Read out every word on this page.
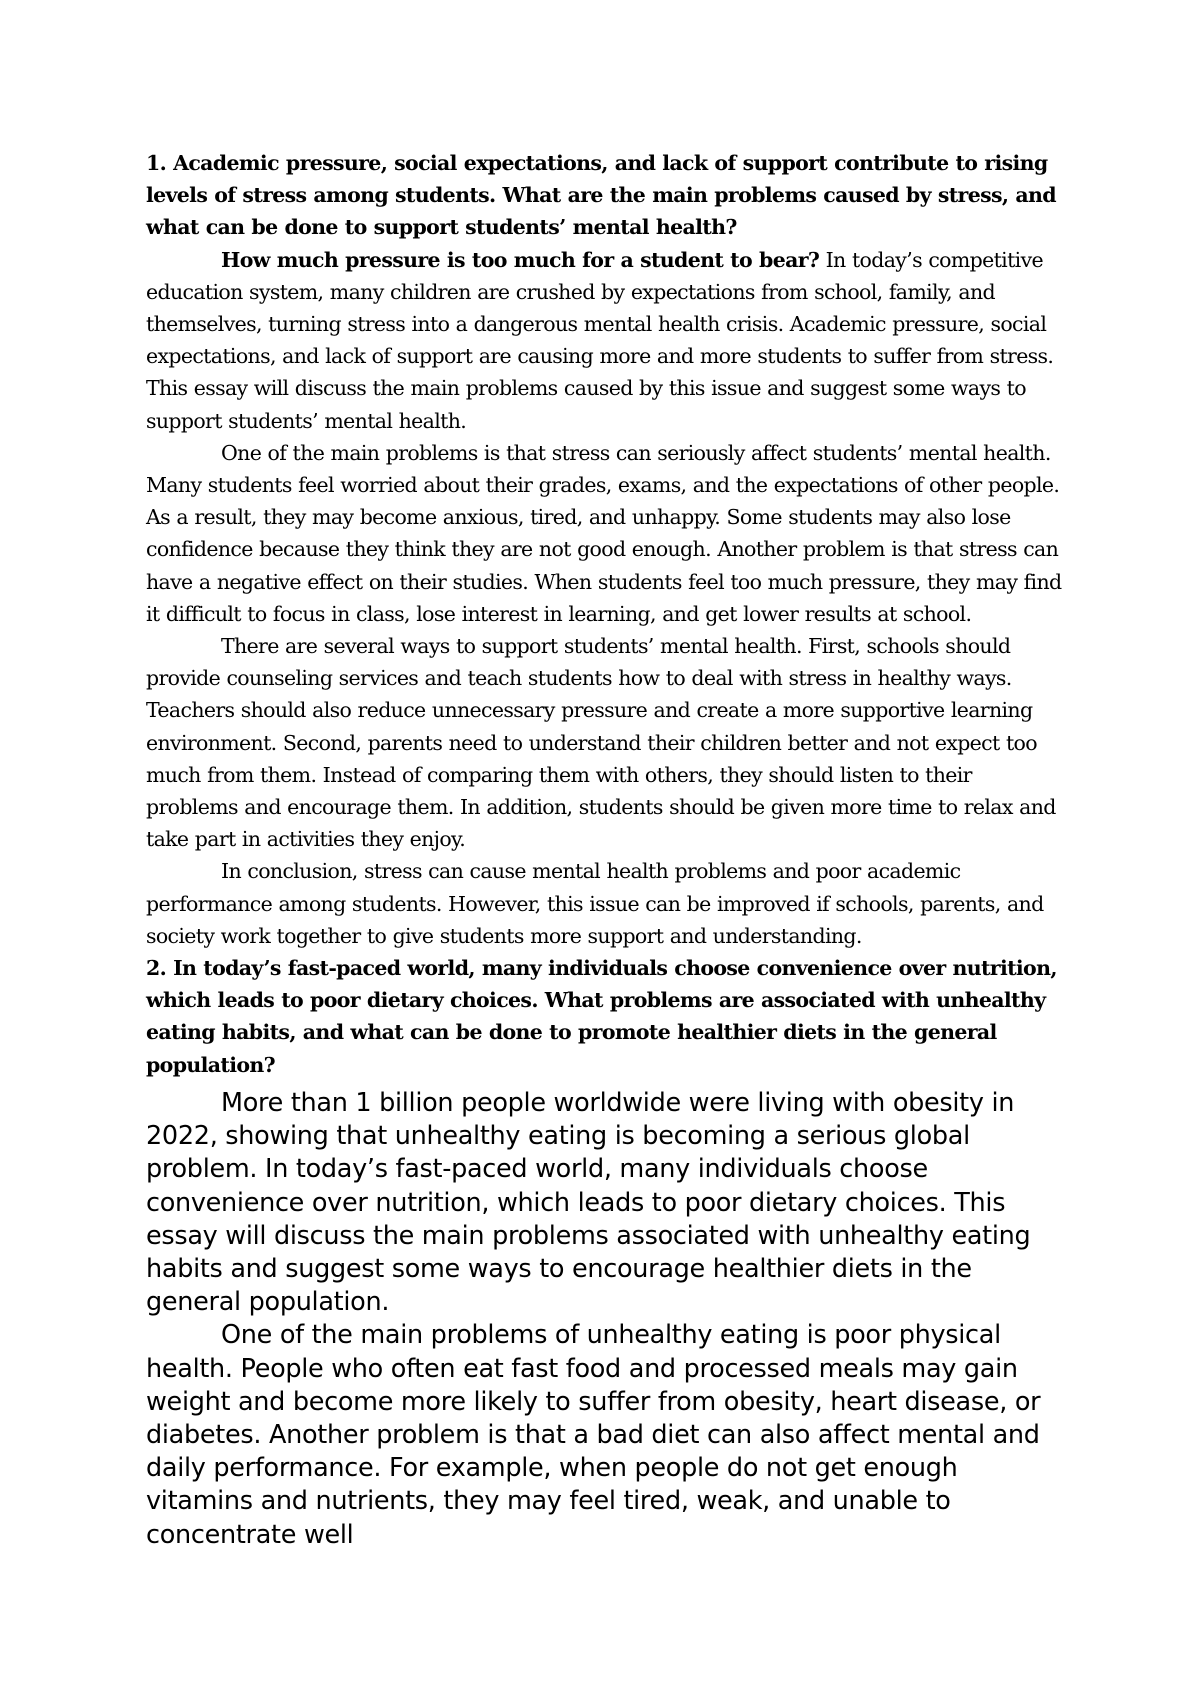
1. Academic pressure, social expectations, and lack of support contribute to rising levels of stress among students. What are the main problems caused by stress, and what can be done to support students’ mental health?

How much pressure is too much for a student to bear? In today’s competitive education system, many children are crushed by expectations from school, family, and themselves, turning stress into a dangerous mental health crisis. Academic pressure, social expectations, and lack of support are causing more and more students to suffer from stress. This essay will discuss the main problems caused by this issue and suggest some ways to support students’ mental health.

One of the main problems is that stress can seriously affect students’ mental health. Many students feel worried about their grades, exams, and the expectations of other people. As a result, they may become anxious, tired, and unhappy. Some students may also lose confidence because they think they are not good enough. Another problem is that stress can have a negative effect on their studies. When students feel too much pressure, they may find it difficult to focus in class, lose interest in learning, and get lower results at school.

There are several ways to support students’ mental health. First, schools should provide counseling services and teach students how to deal with stress in healthy ways. Teachers should also reduce unnecessary pressure and create a more supportive learning environment. Second, parents need to understand their children better and not expect too much from them. Instead of comparing them with others, they should listen to their problems and encourage them. In addition, students should be given more time to relax and take part in activities they enjoy.

In conclusion, stress can cause mental health problems and poor academic performance among students. However, this issue can be improved if schools, parents, and society work together to give students more support and understanding.

2. In today’s fast-paced world, many individuals choose convenience over nutrition, which leads to poor dietary choices. What problems are associated with unhealthy eating habits, and what can be done to promote healthier diets in the general population?

More than 1 billion people worldwide were living with obesity in 2022, showing that unhealthy eating is becoming a serious global problem. In today’s fast-paced world, many individuals choose convenience over nutrition, which leads to poor dietary choices. This essay will discuss the main problems associated with unhealthy eating habits and suggest some ways to encourage healthier diets in the general population.

One of the main problems of unhealthy eating is poor physical health. People who often eat fast food and processed meals may gain weight and become more likely to suffer from obesity, heart disease, or diabetes. Another problem is that a bad diet can also affect mental and daily performance. For example, when people do not get enough vitamins and nutrients, they may feel tired, weak, and unable to concentrate well
